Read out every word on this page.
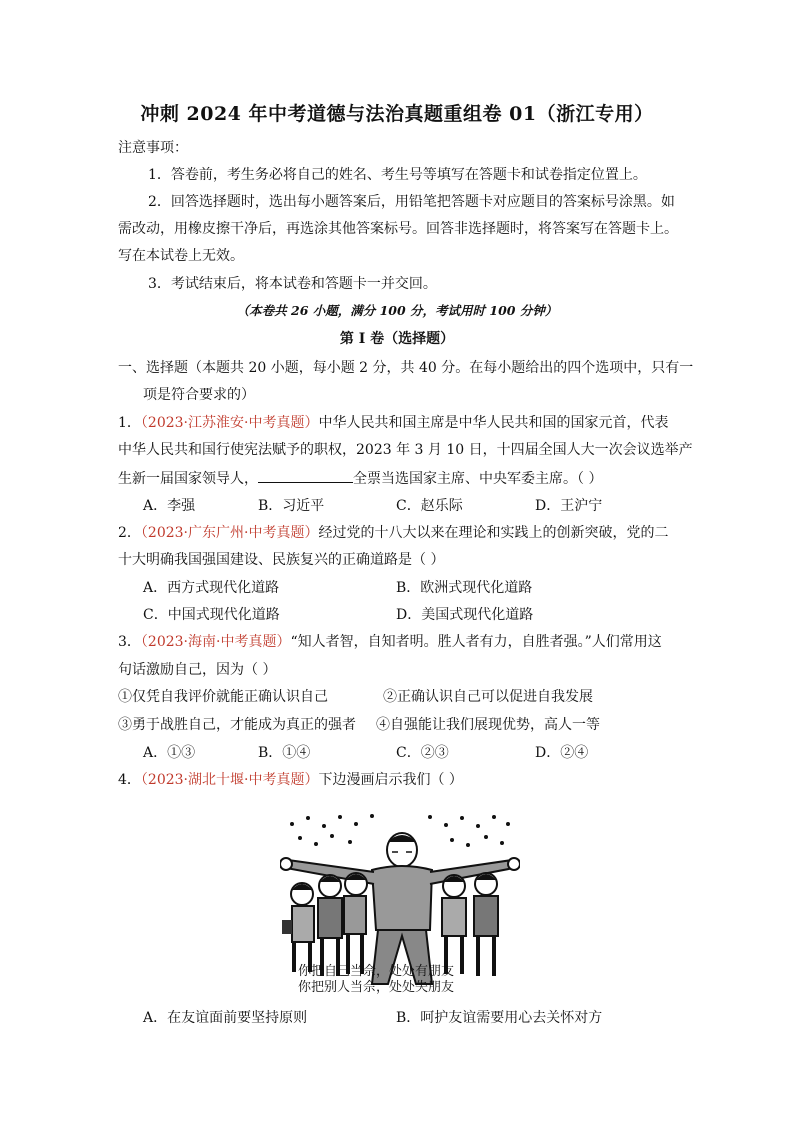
冲刺 2024 年中考道德与法治真题重组卷 01（浙江专用）
注意事项：
1．答卷前，考生务必将自己的姓名、考生号等填写在答题卡和试卷指定位置上。
2．回答选择题时，选出每小题答案后，用铅笔把答题卡对应题目的答案标号涂黑。如
需改动，用橡皮擦干净后，再选涂其他答案标号。回答非选择题时，将答案写在答题卡上。
写在本试卷上无效。
3．考试结束后，将本试卷和答题卡一并交回。
（本卷共 26 小题，满分 100 分，考试用时 100 分钟）
第 I 卷（选择题）
一、选择题（本题共 20 小题，每小题 2 分，共 40 分。在每小题给出的四个选项中，只有一
项是符合要求的）
1．（2023·江苏淮安·中考真题）中华人民共和国主席是中华人民共和国的国家元首，代表
中华人民共和国行使宪法赋予的职权，2023 年 3 月 10 日，十四届全国人大一次会议选举产
生新一届国家领导人，	全票当选国家主席、中央军委主席。（ ）
A．李强	B．习近平	C．赵乐际	D．王沪宁
2．（2023·广东广州·中考真题）经过党的十八大以来在理论和实践上的创新突破，党的二
十大明确我国强国建设、民族复兴的正确道路是（ ）
A．西方式现代化道路	B．欧洲式现代化道路
C．中国式现代化道路	D．美国式现代化道路
3．（2023·海南·中考真题）“知人者智，自知者明。胜人者有力，自胜者强。”人们常用这
句话激励自己，因为（ ）
①仅凭自我评价就能正确认识自己	②正确认识自己可以促进自我发展
③勇于战胜自己，才能成为真正的强者 ④自强能让我们展现优势，高人一等
A．①③	B．①④	C．②③	D．②④
4．（2023·湖北十堰·中考真题）下边漫画启示我们（ ）
你把自己当佘，处处有朋友
你把别人当佘，处处失朋友
A．在友谊面前要坚持原则	B．呵护友谊需要用心去关怀对方
